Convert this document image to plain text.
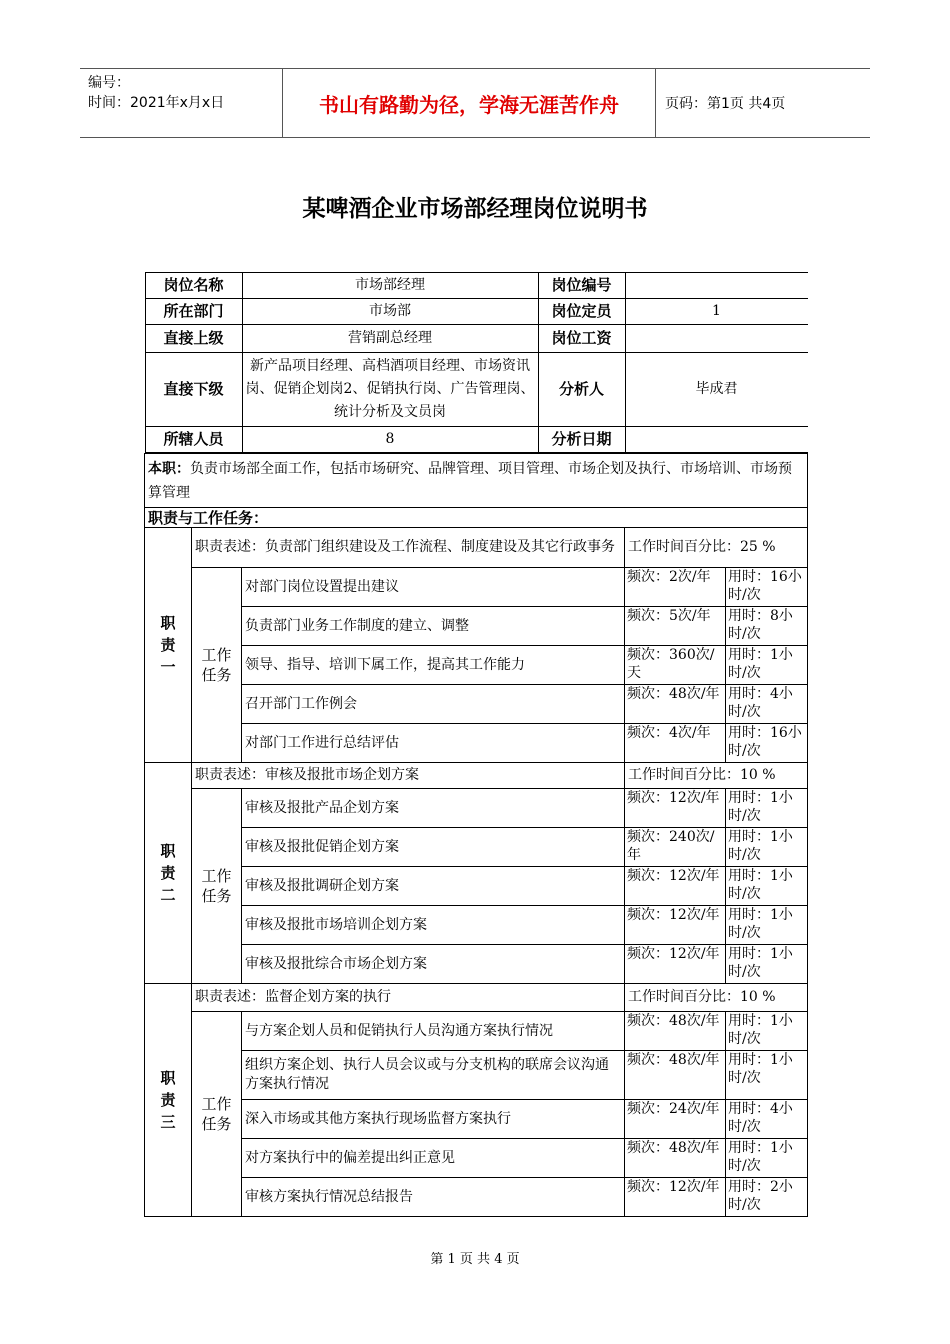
编号：
时间：2021年x月x日	书山有路勤为径，学海无涯苦作舟	页码：第1页 共4页
某啤酒企业市场部经理岗位说明书
岗位名称	市场部经理	岗位编号	
所在部门	市场部	岗位定员	1
直接上级	营销副总经理	岗位工资	
直接下级	新产品项目经理、高档酒项目经理、市场资讯岗、促销企划岗2、促销执行岗、广告管理岗、统计分析及文员岗	分析人	毕成君
所辖人员	8	分析日期	

本职：负责市场部全面工作，包括市场研究、品牌管理、项目管理、市场企划及执行、市场培训、市场预算管理
职责与工作任务：
职责一	职责表述：负责部门组织建设及工作流程、制度建设及其它行政事务	工作时间百分比：25 %
工作任务	对部门岗位设置提出建议	频次：2次/年	用时：16小时/次
负责部门业务工作制度的建立、调整	频次：5次/年	用时：8小时/次
领导、指导、培训下属工作，提高其工作能力	频次：360次/天	用时：1小时/次
召开部门工作例会	频次：48次/年	用时：4小时/次
对部门工作进行总结评估	频次：4次/年	用时：16小时/次
职责二	职责表述：审核及报批市场企划方案	工作时间百分比：10 %
工作任务	审核及报批产品企划方案	频次：12次/年	用时：1小时/次
审核及报批促销企划方案	频次：240次/年	用时：1小时/次
审核及报批调研企划方案	频次：12次/年	用时：1小时/次
审核及报批市场培训企划方案	频次：12次/年	用时：1小时/次
审核及报批综合市场企划方案	频次：12次/年	用时：1小时/次
职责三	职责表述：监督企划方案的执行	工作时间百分比：10 %
工作任务	与方案企划人员和促销执行人员沟通方案执行情况	频次：48次/年	用时：1小时/次
组织方案企划、执行人员会议或与分支机构的联席会议沟通方案执行情况	频次：48次/年	用时：1小时/次
深入市场或其他方案执行现场监督方案执行	频次：24次/年	用时：4小时/次
对方案执行中的偏差提出纠正意见	频次：48次/年	用时：1小时/次
审核方案执行情况总结报告	频次：12次/年	用时：2小时/次
第 1 页 共 4 页
